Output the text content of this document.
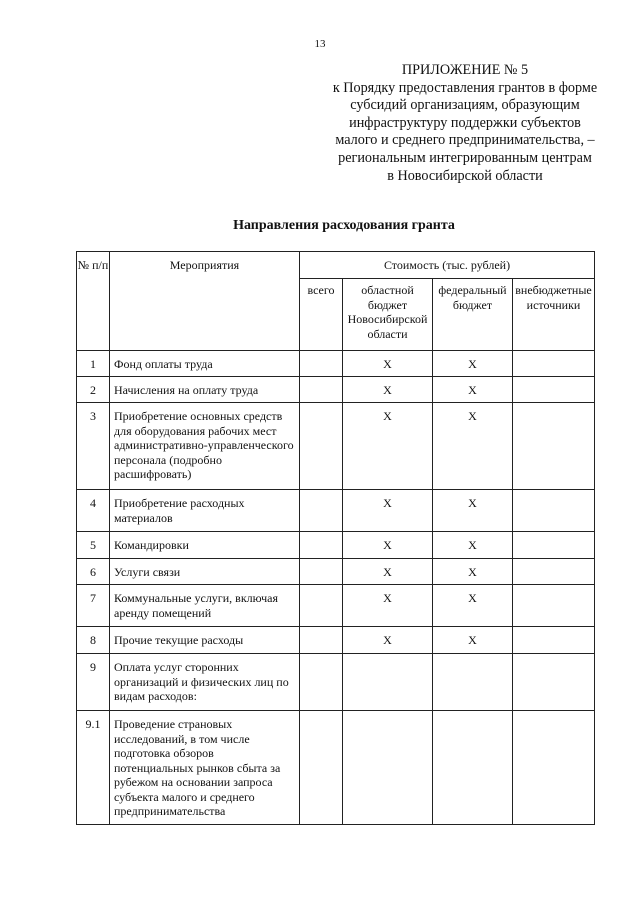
13
ПРИЛОЖЕНИЕ № 5
к Порядку предоставления грантов в форме
субсидий организациям, образующим
инфраструктуру поддержки субъектов
малого и среднего предпринимательства, –
региональным интегрированным центрам
в Новосибирской области
Направления расходования гранта
№ п/п	Мероприятия	Стоимость (тыс. рублей)			
		всего	областной бюджет Новосибирской области	федеральный бюджет	внебюджетные источники
1	Фонд оплаты труда		Х	Х	
2	Начисления на оплату труда		Х	Х	
3	Приобретение основных средств для оборудования рабочих мест административно-управленческого персонала (подробно расшифровать)		Х	Х	
4	Приобретение расходных материалов		Х	Х	
5	Командировки		Х	Х	
6	Услуги связи		Х	Х	
7	Коммунальные услуги, включая аренду помещений		Х	Х	
8	Прочие текущие расходы		Х	Х	
9	Оплата услуг сторонних организаций и физических лиц по видам расходов:				
9.1	Проведение страновых исследований, в том числе подготовка обзоров потенциальных рынков сбыта за рубежом на основании запроса субъекта малого и среднего предпринимательства				
